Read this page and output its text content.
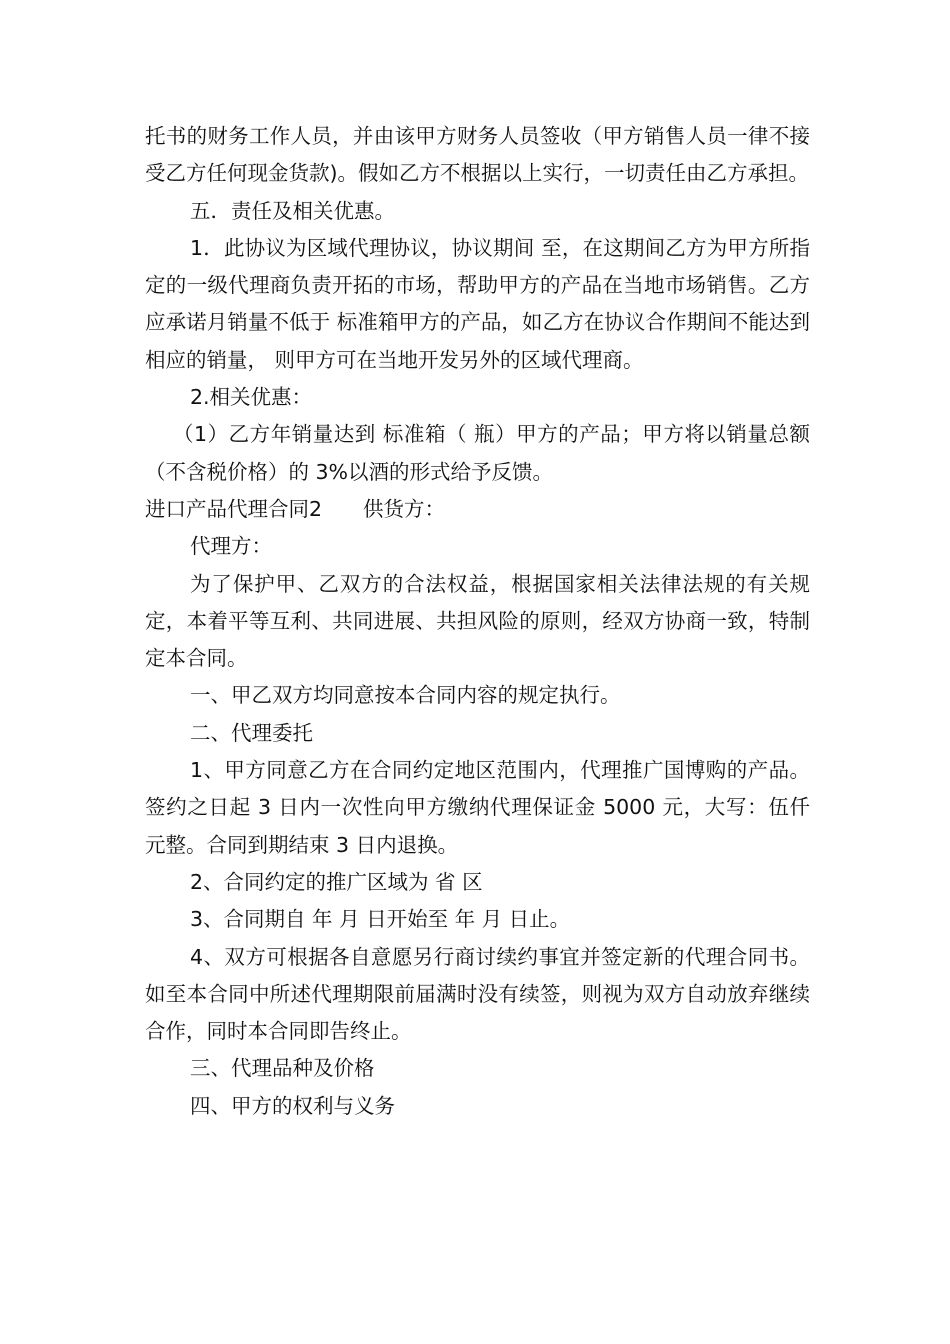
托书的财务工作人员，并由该甲方财务人员签收（甲方销售人员一律不接受乙方任何现金货款)。假如乙方不根据以上实行，一切责任由乙方承担。

五．责任及相关优惠。

1．此协议为区域代理协议，协议期间 至，在这期间乙方为甲方所指定的一级代理商负责开拓的市场，帮助甲方的产品在当地市场销售。乙方应承诺月销量不低于 标准箱甲方的产品，如乙方在协议合作期间不能达到相应的销量， 则甲方可在当地开发另外的区域代理商。

2.相关优惠：

（1）乙方年销量达到 标准箱（ 瓶）甲方的产品；甲方将以销量总额（不含税价格）的 3%以酒的形式给予反馈。

进口产品代理合同2　　供货方：

代理方：

为了保护甲、乙双方的合法权益，根据国家相关法律法规的有关规定，本着平等互利、共同进展、共担风险的原则，经双方协商一致，特制定本合同。

一、甲乙双方均同意按本合同内容的规定执行。

二、代理委托

1、甲方同意乙方在合同约定地区范围内，代理推广国博购的产品。 签约之日起 3 日内一次性向甲方缴纳代理保证金 5000 元，大写：伍仟元整。合同到期结束 3 日内退换。

2、合同约定的推广区域为 省 区

3、合同期自 年 月 日开始至 年 月 日止。

4、双方可根据各自意愿另行商讨续约事宜并签定新的代理合同书。如至本合同中所述代理期限前届满时没有续签，则视为双方自动放弃继续合作，同时本合同即告终止。

三、代理品种及价格

四、甲方的权利与义务
